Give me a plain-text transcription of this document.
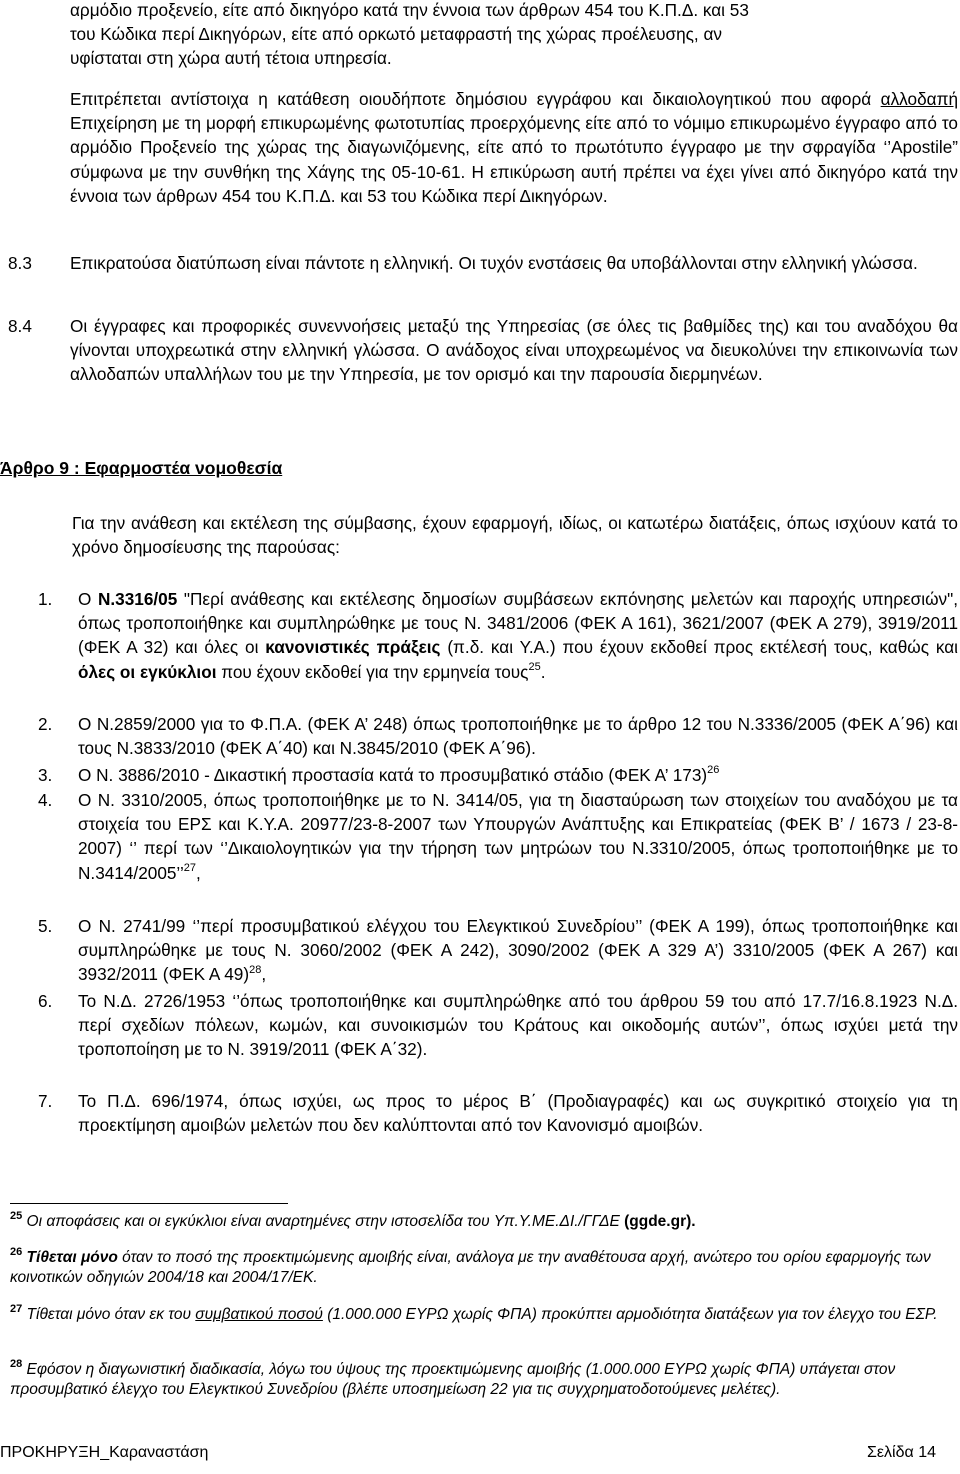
αρμόδιο προξενείο, είτε από δικηγόρο κατά την έννοια των άρθρων 454 του Κ.Π.Δ. και 53
του Κώδικα περί Δικηγόρων, είτε από ορκωτό μεταφραστή της χώρας προέλευσης, αν
υφίσταται στη χώρα αυτή τέτοια υπηρεσία.

Επιτρέπεται αντίστοιχα η κατάθεση οιουδήποτε δημόσιου εγγράφου και δικαιολογητικού που αφορά αλλοδαπή Επιχείρηση με τη μορφή επικυρωμένης φωτοτυπίας προερχόμενης είτε από το νόμιμο επικυρωμένο έγγραφο από το αρμόδιο Προξενείο της χώρας της διαγωνιζόμενης, είτε από το πρωτότυπο έγγραφο με την σφραγίδα ‘’Apostile” σύμφωνα με την συνθήκη της Χάγης της 05-10-61. Η επικύρωση αυτή πρέπει να έχει γίνει από δικηγόρο κατά την έννοια των άρθρων 454 του Κ.Π.Δ. και 53 του Κώδικα περί Δικηγόρων.

8.3 Επικρατούσα διατύπωση είναι πάντοτε η ελληνική. Οι τυχόν ενστάσεις θα υποβάλλονται στην ελληνική γλώσσα.

8.4 Οι έγγραφες και προφορικές συνεννοήσεις μεταξύ της Υπηρεσίας (σε όλες τις βαθμίδες της) και του αναδόχου θα γίνονται υποχρεωτικά στην ελληνική γλώσσα. Ο ανάδοχος είναι υποχρεωμένος να διευκολύνει την επικοινωνία των αλλοδαπών υπαλλήλων του με την Υπηρεσία, με τον ορισμό και την παρουσία διερμηνέων.

Άρθρο 9 : Εφαρμοστέα νομοθεσία

Για την ανάθεση και εκτέλεση της σύμβασης, έχουν εφαρμογή, ιδίως, οι κατωτέρω διατάξεις, όπως ισχύουν κατά το χρόνο δημοσίευσης της παρούσας:

1. Ο Ν.3316/05 "Περί ανάθεσης και εκτέλεσης δημοσίων συμβάσεων εκπόνησης μελετών και παροχής υπηρεσιών", όπως τροποποιήθηκε και συμπληρώθηκε με τους Ν. 3481/2006 (ΦΕΚ Α 161), 3621/2007 (ΦΕΚ Α 279), 3919/2011 (ΦΕΚ Α 32) και όλες οι κανονιστικές πράξεις (π.δ. και Υ.Α.) που έχουν εκδοθεί προς εκτέλεσή τους, καθώς και όλες οι εγκύκλιοι που έχουν εκδοθεί για την ερμηνεία τους$^{25}$.

2. Ο Ν.2859/2000 για το Φ.Π.Α. (ΦΕΚ Α’ 248) όπως τροποποιήθηκε με το άρθρο 12 του Ν.3336/2005 (ΦΕΚ Α΄96) και τους Ν.3833/2010 (ΦΕΚ Α΄40) και Ν.3845/2010 (ΦΕΚ Α΄96).

3. Ο Ν. 3886/2010 - Δικαστική προστασία κατά το προσυμβατικό στάδιο (ΦΕΚ Α’ 173)$^{26}$

4. Ο Ν. 3310/2005, όπως τροποποιήθηκε με το Ν. 3414/05, για τη διασταύρωση των στοιχείων του αναδόχου με τα στοιχεία του ΕΡΣ και Κ.Υ.Α. 20977/23-8-2007 των Υπουργών Ανάπτυξης και Επικρατείας (ΦΕΚ Β’ / 1673 / 23-8-2007) ‘’ περί των ‘’Δικαιολογητικών για την τήρηση των μητρώων του Ν.3310/2005, όπως τροποποιήθηκε με το Ν.3414/2005’’$^{27}$,

5. Ο Ν. 2741/99 ‘’περί προσυμβατικού ελέγχου του Ελεγκτικού Συνεδρίου’’ (ΦΕΚ Α 199), όπως τροποποιήθηκε και συμπληρώθηκε με τους Ν. 3060/2002 (ΦΕΚ Α 242), 3090/2002 (ΦΕΚ Α 329 Α’) 3310/2005 (ΦΕΚ Α 267) και 3932/2011 (ΦΕΚ Α 49)$^{28}$,

6. Το Ν.Δ. 2726/1953 ‘’όπως τροποποιήθηκε και συμπληρώθηκε από του άρθρου 59 του από 17.7/16.8.1923 Ν.Δ. περί σχεδίων πόλεων, κωμών, και συνοικισμών του Κράτους και οικοδομής αυτών’’, όπως ισχύει μετά την τροποποίηση με το Ν. 3919/2011 (ΦΕΚ Α΄32).

7. Το Π.Δ. 696/1974, όπως ισχύει, ως προς το μέρος Β΄ (Προδιαγραφές) και ως συγκριτικό στοιχείο για τη προεκτίμηση αμοιβών μελετών που δεν καλύπτονται από τον Κανονισμό αμοιβών.

$^{25}$ Οι αποφάσεις και οι εγκύκλιοι είναι αναρτημένες στην ιστοσελίδα του Υπ.Υ.ΜΕ.ΔΙ./ΓΓΔΕ (ggde.gr).

$^{26}$ Τίθεται μόνο όταν το ποσό της προεκτιμώμενης αμοιβής είναι, ανάλογα με την αναθέτουσα αρχή, ανώτερο του ορίου εφαρμογής των κοινοτικών οδηγιών 2004/18 και 2004/17/ΕΚ.

$^{27}$ Τίθεται μόνο όταν εκ του συμβατικού ποσού (1.000.000 ΕΥΡΩ χωρίς ΦΠΑ) προκύπτει αρμοδιότητα διατάξεων για τον έλεγχο του ΕΣΡ.

$^{28}$ Εφόσον η διαγωνιστική διαδικασία, λόγω του ύψους της προεκτιμώμενης αμοιβής (1.000.000 ΕΥΡΩ χωρίς ΦΠΑ) υπάγεται στον προσυμβατικό έλεγχο του Ελεγκτικού Συνεδρίου (βλέπε υποσημείωση 22 για τις συγχρηματοδοτούμενες μελέτες).

ΠΡΟΚΗΡΥΞΗ_Καραναστάση	Σελίδα 14
